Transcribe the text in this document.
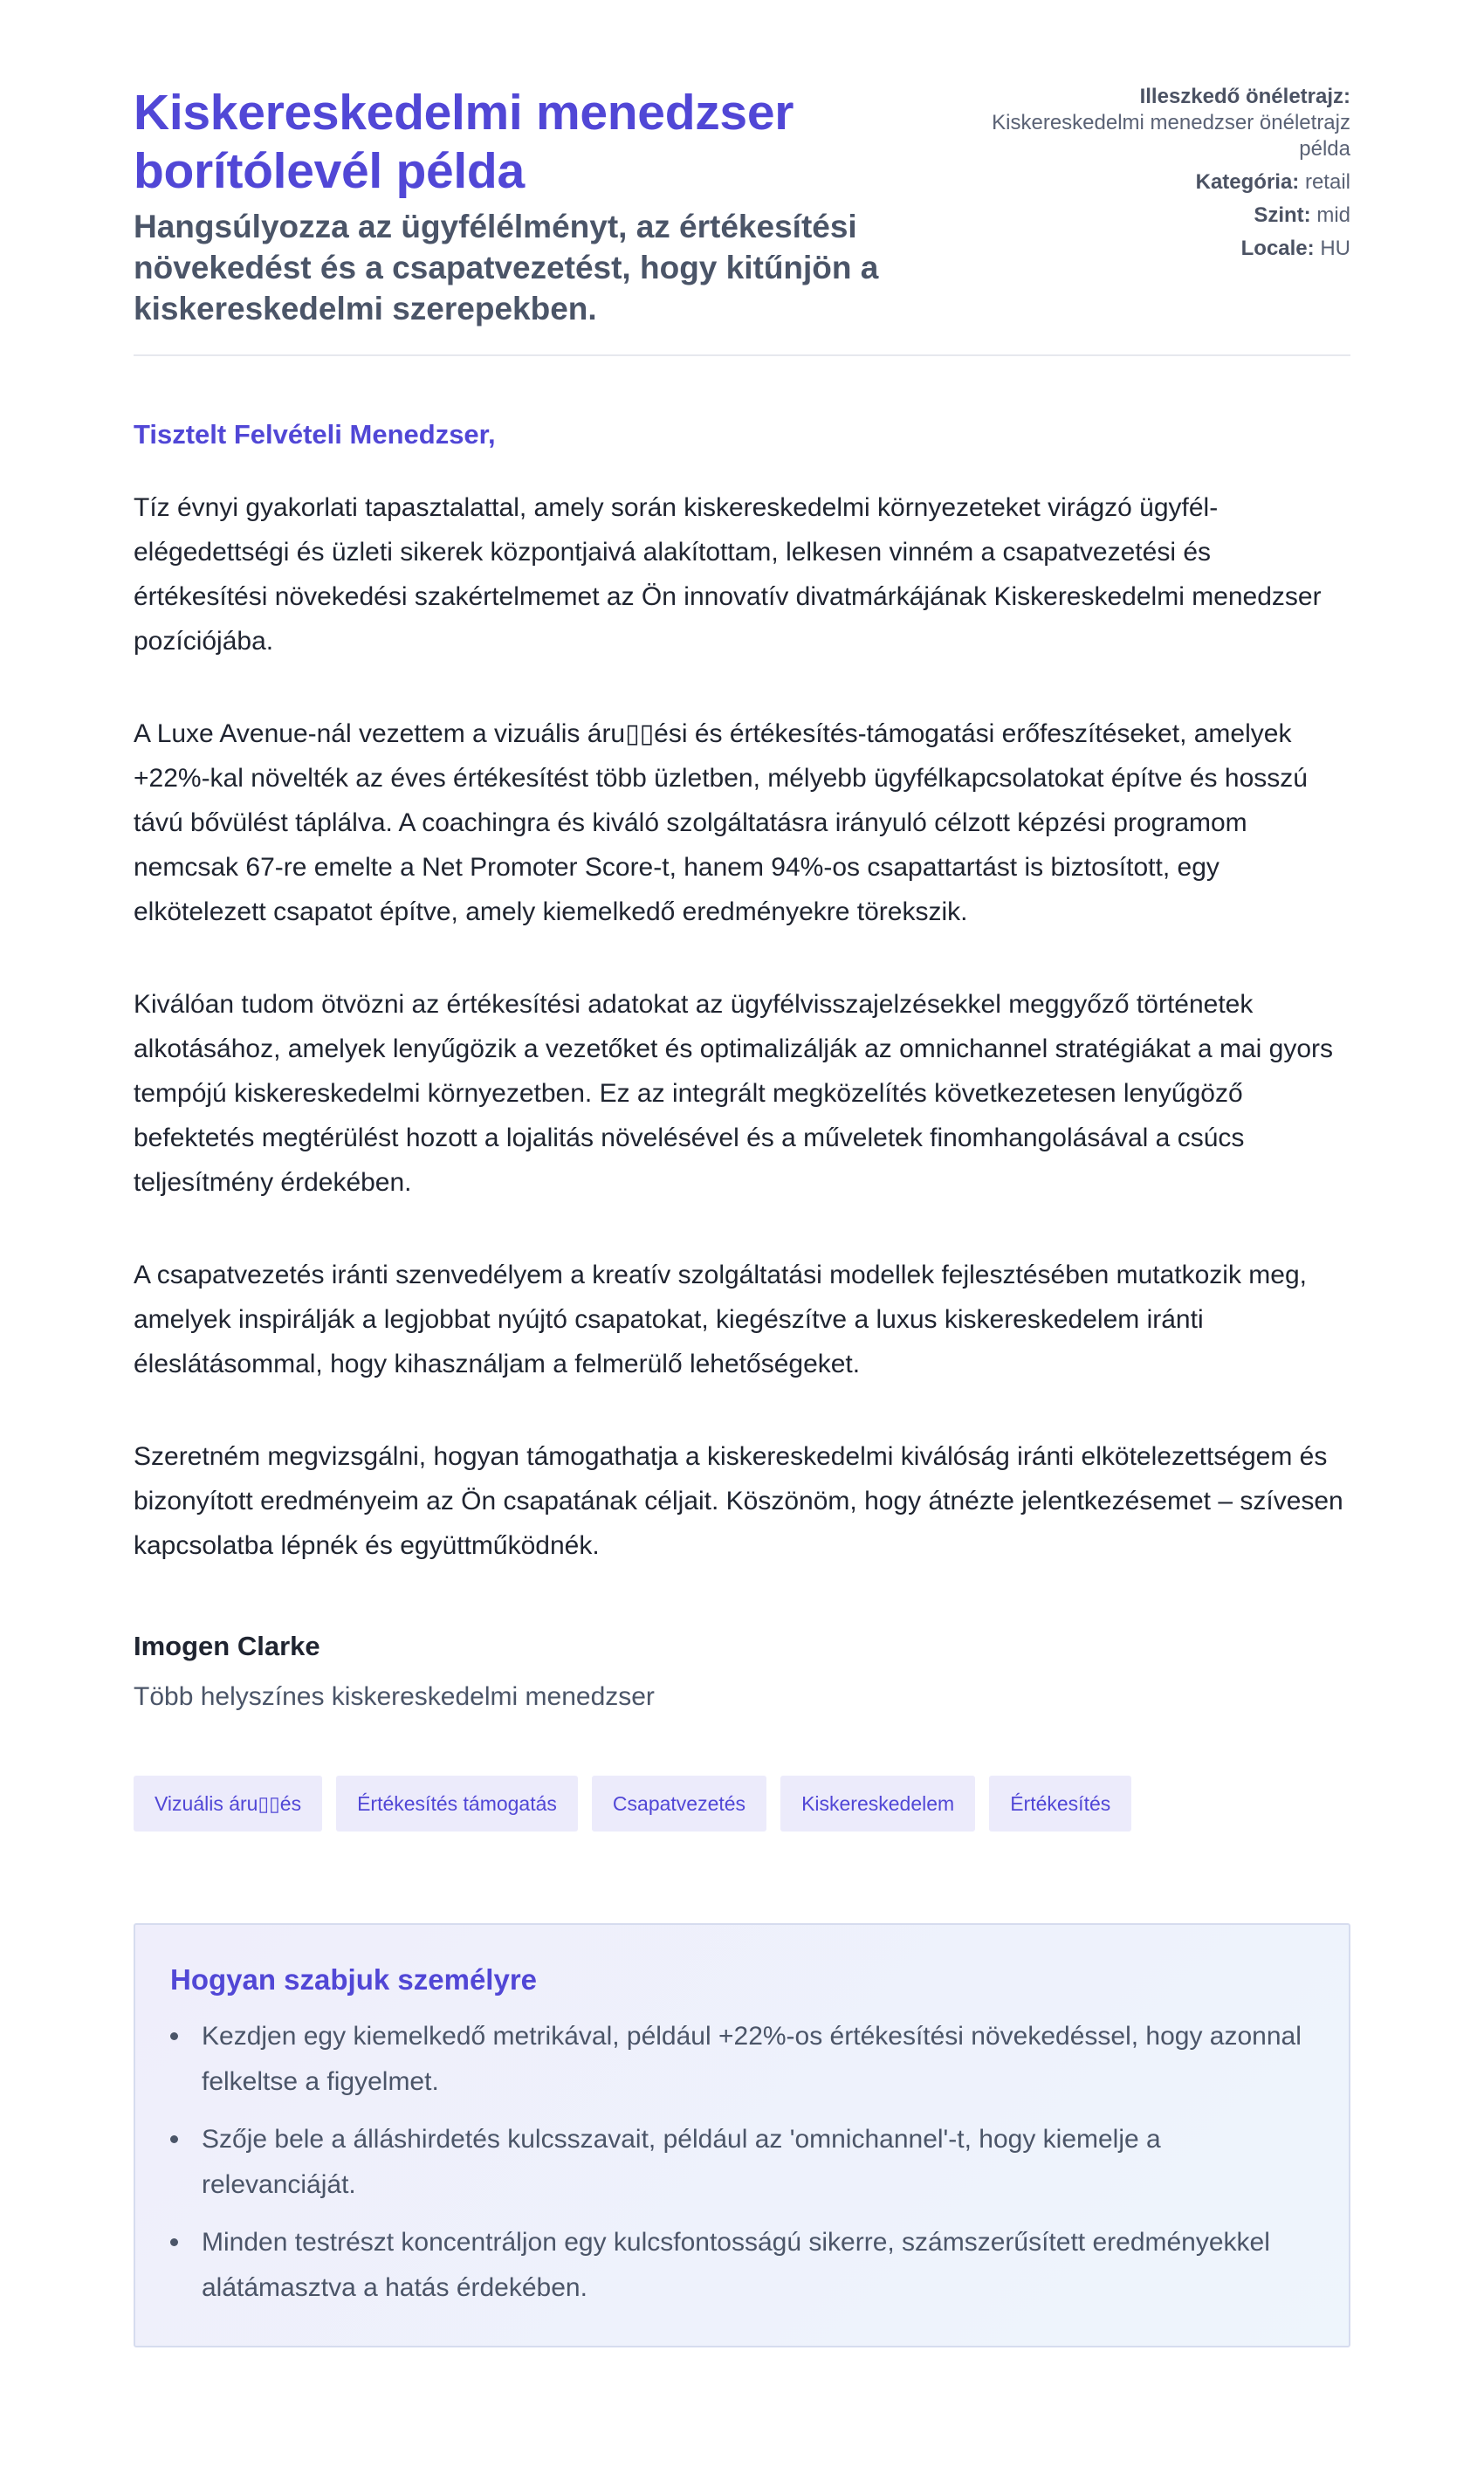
Kiskereskedelmi menedzser borítólevél példa
Hangsúlyozza az ügyfélélményt, az értékesítési növekedést és a csapatvezetést, hogy kitűnjön a kiskereskedelmi szerepekben.
Illeszkedő önéletrajz:
Kiskereskedelmi menedzser önéletrajz példa
Kategória: retail
Szint: mid
Locale: HU
Tisztelt Felvételi Menedzser,

Tíz évnyi gyakorlati tapasztalattal, amely során kiskereskedelmi környezeteket virágzó ügyfél-elégedettségi és üzleti sikerek központjaivá alakítottam, lelkesen vinném a csapatvezetési és értékesítési növekedési szakértelmemet az Ön innovatív divatmárkájának Kiskereskedelmi menedzser pozíciójába.

A Luxe Avenue-nál vezettem a vizuális áru▯▯ési és értékesítés-támogatási erőfeszítéseket, amelyek +22%-kal növelték az éves értékesítést több üzletben, mélyebb ügyfélkapcsolatokat építve és hosszú távú bővülést táplálva. A coachingra és kiváló szolgáltatásra irányuló célzott képzési programom nemcsak 67-re emelte a Net Promoter Score-t, hanem 94%-os csapattartást is biztosított, egy elkötelezett csapatot építve, amely kiemelkedő eredményekre törekszik.

Kiválóan tudom ötvözni az értékesítési adatokat az ügyfélvisszajelzésekkel meggyőző történetek alkotásához, amelyek lenyűgözik a vezetőket és optimalizálják az omnichannel stratégiákat a mai gyors tempójú kiskereskedelmi környezetben. Ez az integrált megközelítés következetesen lenyűgöző befektetés megtérülést hozott a lojalitás növelésével és a műveletek finomhangolásával a csúcs teljesítmény érdekében.

A csapatvezetés iránti szenvedélyem a kreatív szolgáltatási modellek fejlesztésében mutatkozik meg, amelyek inspirálják a legjobbat nyújtó csapatokat, kiegészítve a luxus kiskereskedelem iránti éleslátásommal, hogy kihasználjam a felmerülő lehetőségeket.

Szeretném megvizsgálni, hogyan támogathatja a kiskereskedelmi kiválóság iránti elkötelezettségem és bizonyított eredményeim az Ön csapatának céljait. Köszönöm, hogy átnézte jelentkezésemet – szívesen kapcsolatba lépnék és együttműködnék.

Imogen Clarke
Több helyszínes kiskereskedelmi menedzser
Vizuális áru▯▯és	Értékesítés támogatás	Csapatvezetés	Kiskereskedelem	Értékesítés
Hogyan szabjuk személyre
Kezdjen egy kiemelkedő metrikával, például +22%-os értékesítési növekedéssel, hogy azonnal felkeltse a figyelmet.
Szője bele a álláshirdetés kulcsszavait, például az 'omnichannel'-t, hogy kiemelje a relevanciáját.
Minden testrészt koncentráljon egy kulcsfontosságú sikerre, számszerűsített eredményekkel alátámasztva a hatás érdekében.
